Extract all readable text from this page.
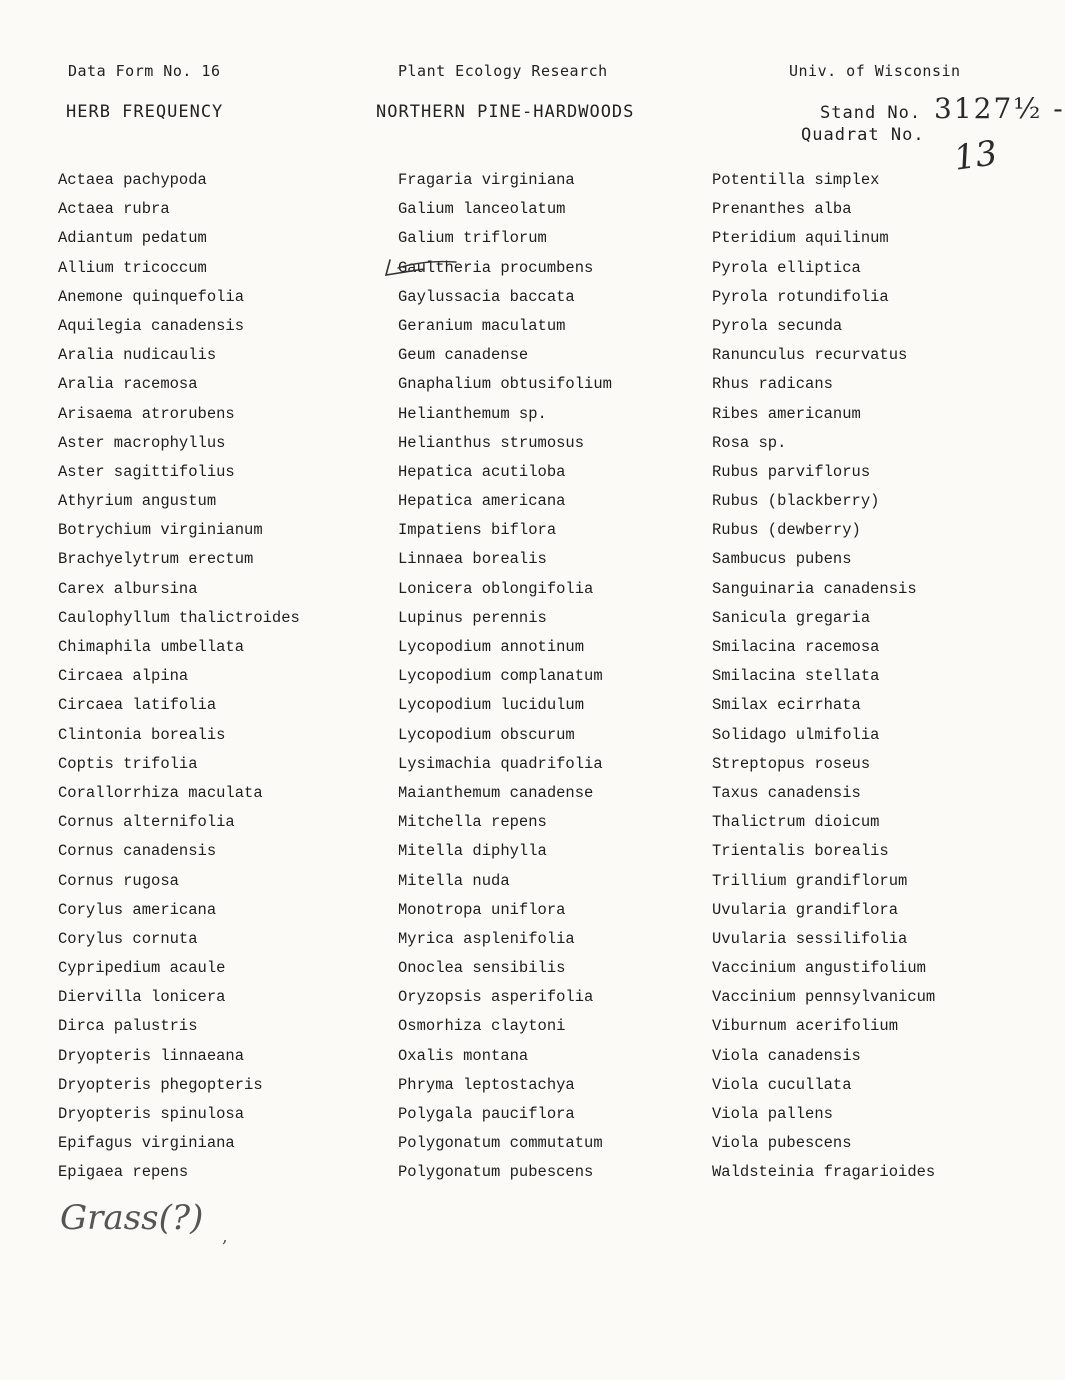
Data Form No. 16	Plant Ecology Research	Univ. of Wisconsin
HERB FREQUENCY	NORTHERN PINE-HARDWOODS	Stand No.
Quadrat No.
3127½ -
13
Actaea pachypoda
Actaea rubra
Adiantum pedatum
Allium tricoccum
Anemone quinquefolia
Aquilegia canadensis
Aralia nudicaulis
Aralia racemosa
Arisaema atrorubens
Aster macrophyllus
Aster sagittifolius
Athyrium angustum
Botrychium virginianum
Brachyelytrum erectum
Carex albursina
Caulophyllum thalictroides
Chimaphila umbellata
Circaea alpina
Circaea latifolia
Clintonia borealis
Coptis trifolia
Corallorrhiza maculata
Cornus alternifolia
Cornus canadensis
Cornus rugosa
Corylus americana
Corylus cornuta
Cypripedium acaule
Diervilla lonicera
Dirca palustris
Dryopteris linnaeana
Dryopteris phegopteris
Dryopteris spinulosa
Epifagus virginiana
Epigaea repens
Fragaria virginiana
Galium lanceolatum
Galium triflorum
Gaultheria procumbens
Gaylussacia baccata
Geranium maculatum
Geum canadense
Gnaphalium obtusifolium
Helianthemum sp.
Helianthus strumosus
Hepatica acutiloba
Hepatica americana
Impatiens biflora
Linnaea borealis
Lonicera oblongifolia
Lupinus perennis
Lycopodium annotinum
Lycopodium complanatum
Lycopodium lucidulum
Lycopodium obscurum
Lysimachia quadrifolia
Maianthemum canadense
Mitchella repens
Mitella diphylla
Mitella nuda
Monotropa uniflora
Myrica asplenifolia
Onoclea sensibilis
Oryzopsis asperifolia
Osmorhiza claytoni
Oxalis montana
Phryma leptostachya
Polygala pauciflora
Polygonatum commutatum
Polygonatum pubescens
Potentilla simplex
Prenanthes alba
Pteridium aquilinum
Pyrola elliptica
Pyrola rotundifolia
Pyrola secunda
Ranunculus recurvatus
Rhus radicans
Ribes americanum
Rosa sp.
Rubus parviflorus
Rubus (blackberry)
Rubus (dewberry)
Sambucus pubens
Sanguinaria canadensis
Sanicula gregaria
Smilacina racemosa
Smilacina stellata
Smilax ecirrhata
Solidago ulmifolia
Streptopus roseus
Taxus canadensis
Thalictrum dioicum
Trientalis borealis
Trillium grandiflorum
Uvularia grandiflora
Uvularia sessilifolia
Vaccinium angustifolium
Vaccinium pennsylvanicum
Viburnum acerifolium
Viola canadensis
Viola cucullata
Viola pallens
Viola pubescens
Waldsteinia fragarioides
Grass(?) ,
